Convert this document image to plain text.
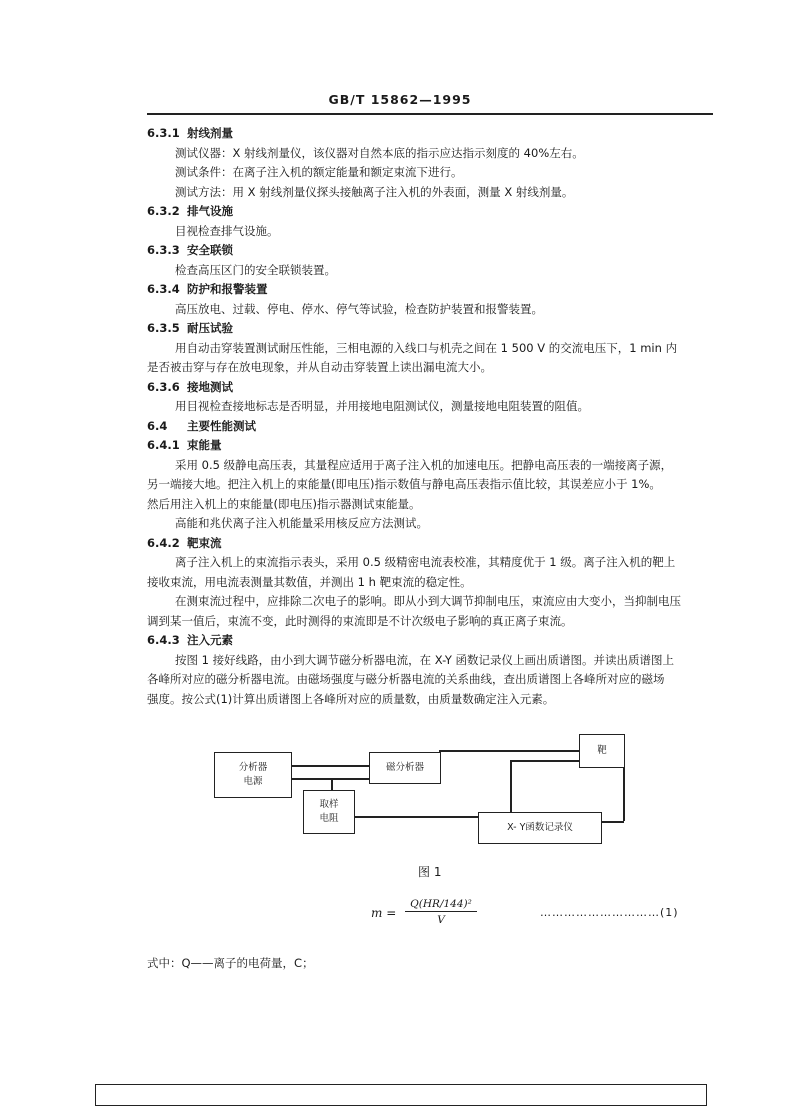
GB/T 15862—1995
6.3.1 射线剂量
测试仪器：X 射线剂量仪，该仪器对自然本底的指示应达指示刻度的 40%左右。
测试条件：在离子注入机的额定能量和额定束流下进行。
测试方法：用 X 射线剂量仪探头接触离子注入机的外表面，测量 X 射线剂量。
6.3.2 排气设施
目视检查排气设施。
6.3.3 安全联锁
检查高压区门的安全联锁装置。
6.3.4 防护和报警装置
高压放电、过载、停电、停水、停气等试验，检查防护装置和报警装置。
6.3.5 耐压试验
用自动击穿装置测试耐压性能，三相电源的入线口与机壳之间在 1 500 V 的交流电压下，1 min 内
是否被击穿与存在放电现象，并从自动击穿装置上读出漏电流大小。
6.3.6 接地测试
用目视检查接地标志是否明显，并用接地电阻测试仪，测量接地电阻装置的阻值。
6.4 主要性能测试
6.4.1 束能量
采用 0.5 级静电高压表，其量程应适用于离子注入机的加速电压。把静电高压表的一端接离子源，
另一端接大地。把注入机上的束能量(即电压)指示数值与静电高压表指示值比较，其误差应小于 1%。
然后用注入机上的束能量(即电压)指示器测试束能量。
高能和兆伏离子注入机能量采用核反应方法测试。
6.4.2 靶束流
离子注入机上的束流指示表头，采用 0.5 级精密电流表校准，其精度优于 1 级。离子注入机的靶上
接收束流，用电流表测量其数值，并测出 1 h 靶束流的稳定性。
在测束流过程中，应排除二次电子的影响。即从小到大调节抑制电压，束流应由大变小，当抑制电压
调到某一值后，束流不变，此时测得的束流即是不计次级电子影响的真正离子束流。
6.4.3 注入元素
按图 1 接好线路，由小到大调节磁分析器电流，在 X-Y 函数记录仪上画出质谱图。并读出质谱图上
各峰所对应的磁分析器电流。由磁场强度与磁分析器电流的关系曲线，查出质谱图上各峰所对应的磁场
强度。按公式(1)计算出质谱图上各峰所对应的质量数，由质量数确定注入元素。
分析器
电源
磁分析器
靶
取样
电阻
X- Y函数记录仪
图 1
$m = \frac{\text{Q(HR/144)²}}{V}$	…………………………(1)
式中：Q——离子的电荷量，C；
